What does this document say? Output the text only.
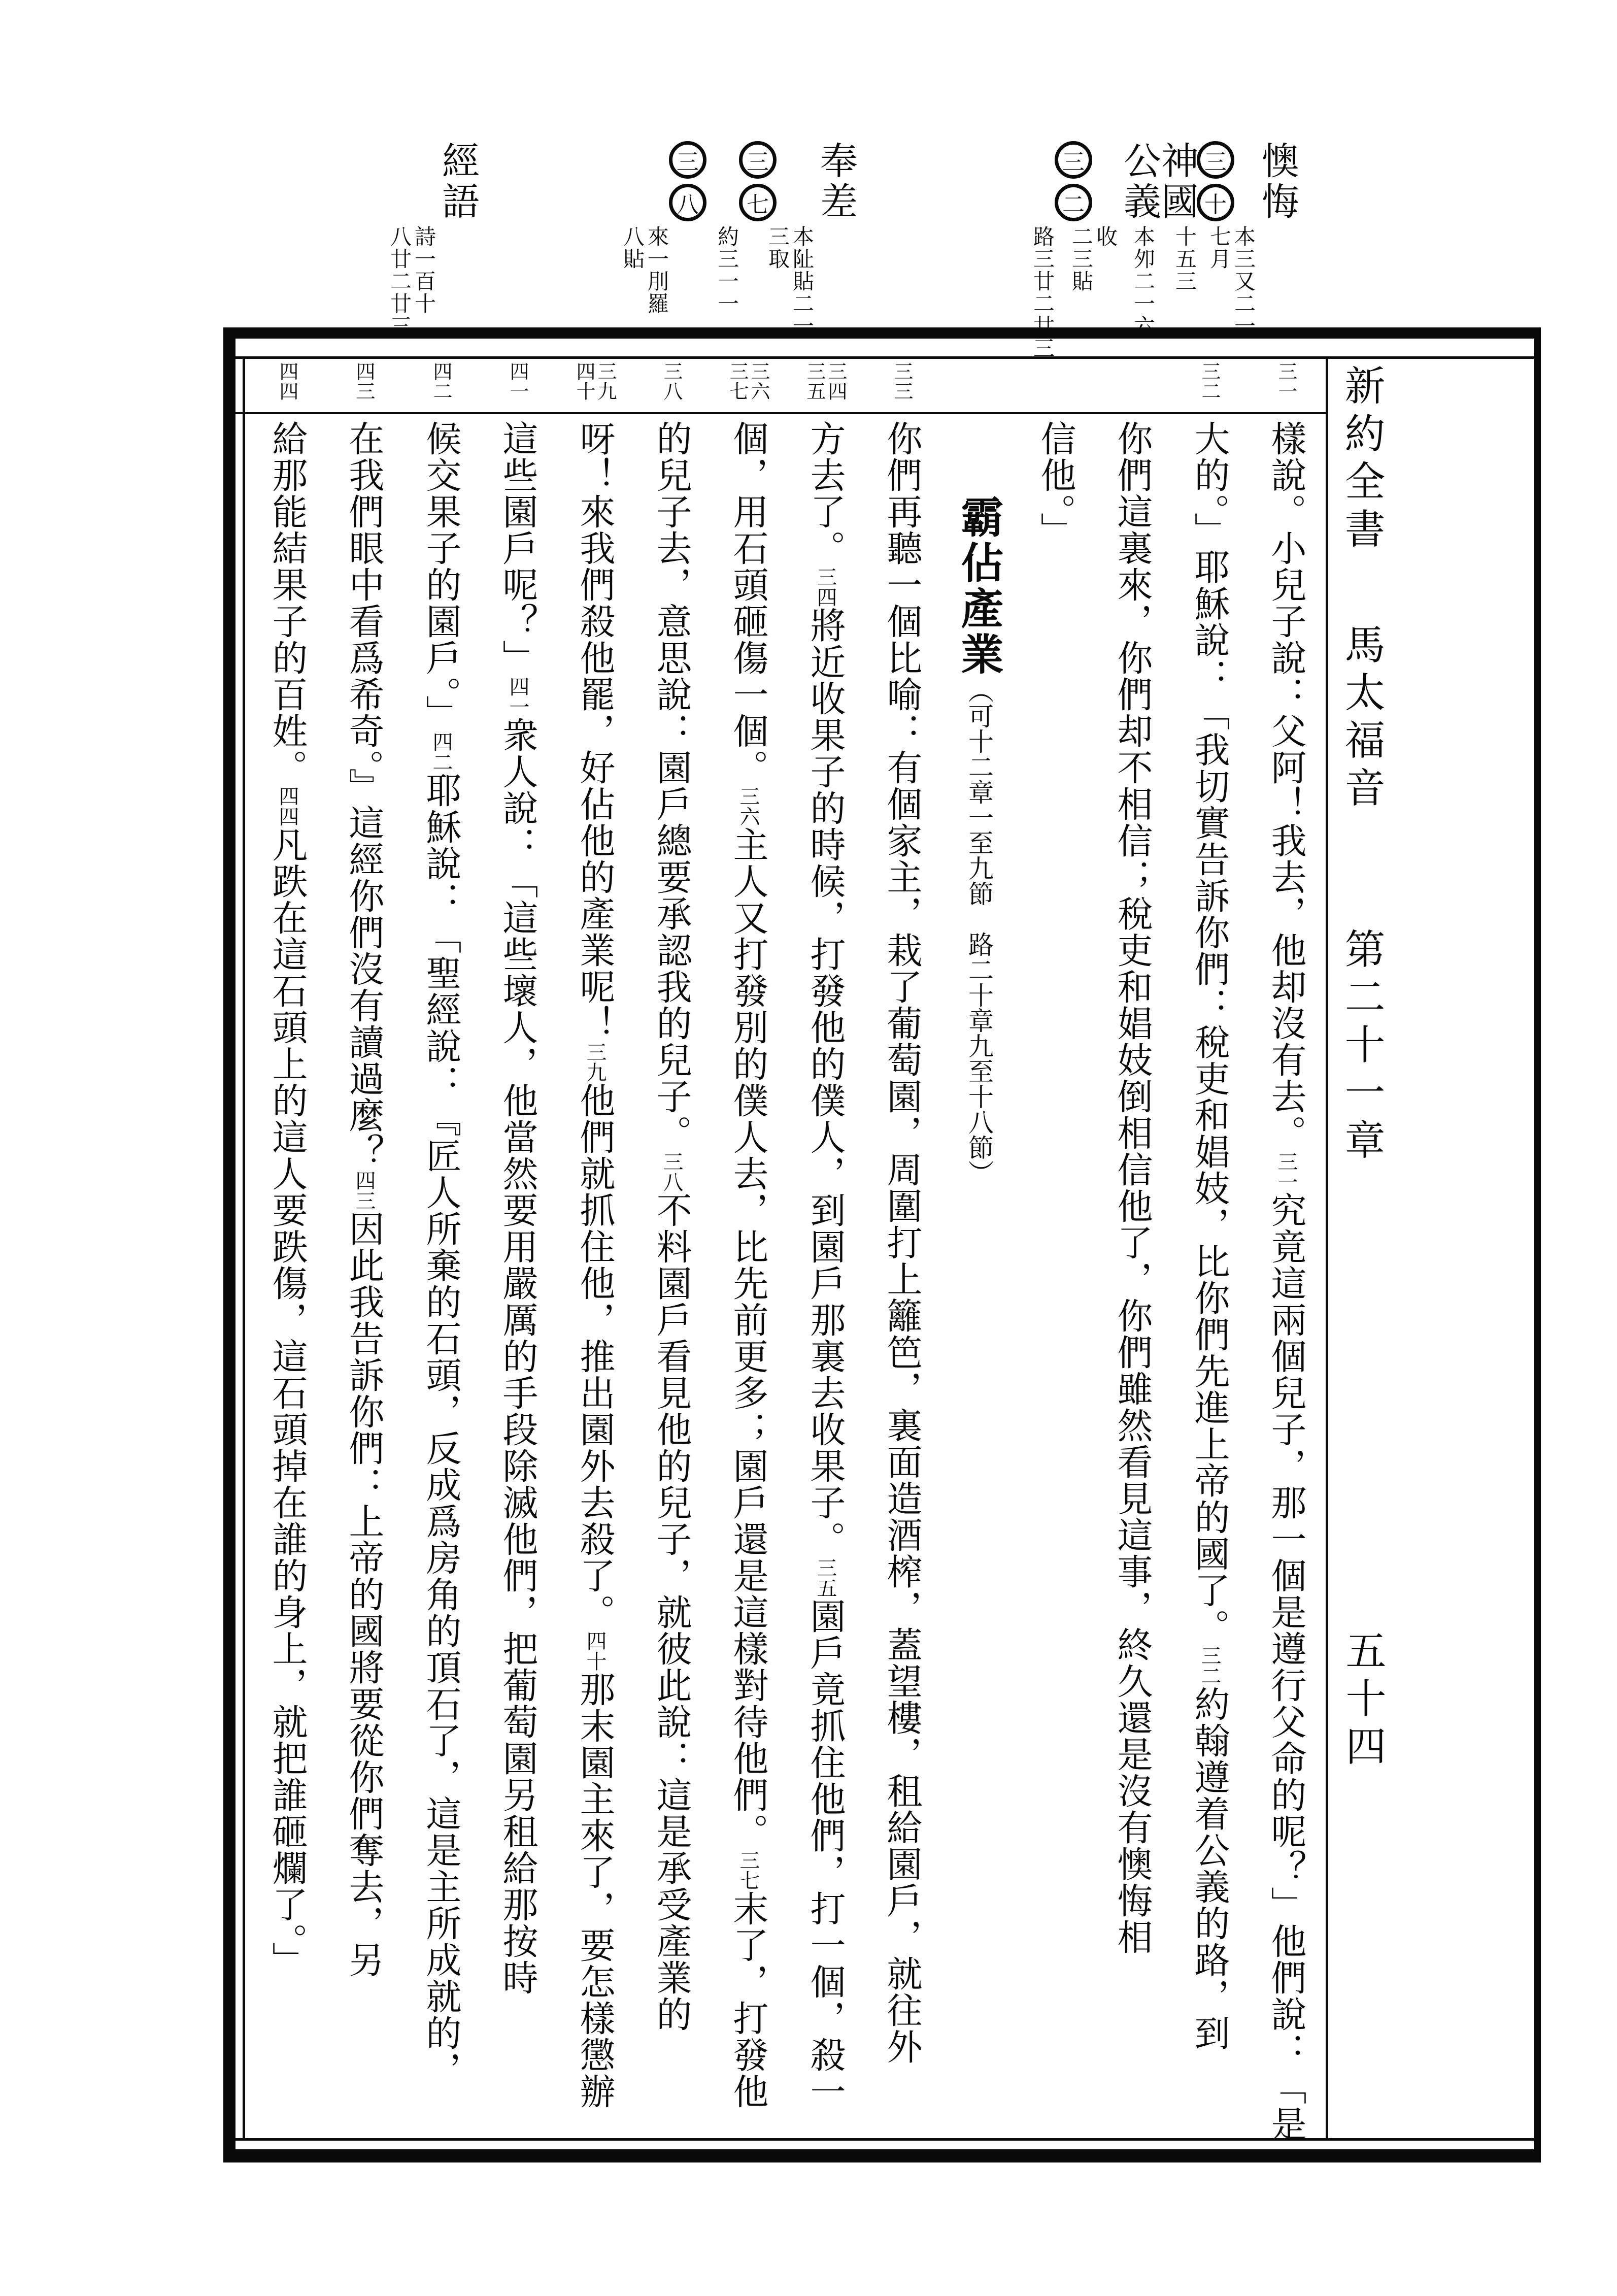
新約全書
馬太福音
第二十一章
五十四
懊悔
本三又二一
七月
三
十
十五三
神國
本夘二一六
公義
收
二三貼
三
二
路三廿二廿三
奉差
本阯貼二一
三取
三
七
約三一一
三
八
來一刖羅
八貼
經語
詩一百十
八廿二廿三
三一
三二
三三
三四
三五
三六
三七
三八
三九
四十
四一
四二
四三
四四
樣說。小兒子說：父阿！我去，他却沒有去。三一究竟這兩個兒子，那一個是遵行父命的呢？」他們說：「是
大的。」耶穌說：「我切實告訴你們：稅吏和娼妓，比你們先進上帝的國了。三二約翰遵着公義的路，到
你們這裏來，你們却不相信；稅吏和娼妓倒相信他了，你們雖然看見這事，終久還是沒有懊悔相
信他。」
霸佔產業（可十二章一至九節　路二十章九至十八節）
你們再聽一個比喻：有個家主，栽了葡萄園，周圍打上籬笆，裏面造酒榨，蓋望樓，租給園戶，就往外
方去了。三四將近收果子的時候，打發他的僕人，到園戶那裏去收果子。三五園戶竟抓住他們，打一個，殺一
個，用石頭砸傷一個。三六主人又打發別的僕人去，比先前更多；園戶還是這樣對待他們。三七末了，打發他
的兒子去，意思說：園戶總要承認我的兒子。三八不料園戶看見他的兒子，就彼此說：這是承受產業的
呀！來我們殺他罷，好佔他的產業呢！三九他們就抓住他，推出園外去殺了。四十那末園主來了，要怎樣懲辦
這些園戶呢？」四一衆人說：「這些壞人，他當然要用嚴厲的手段除滅他們，把葡萄園另租給那按時
候交果子的園戶。」四二耶穌說：「聖經說：『匠人所棄的石頭，反成爲房角的頂石了，這是主所成就的，
在我們眼中看爲希奇。』這經你們沒有讀過麼？四三因此我告訴你們：上帝的國將要從你們奪去，另
給那能結果子的百姓。四四凡跌在這石頭上的這人要跌傷，這石頭掉在誰的身上，就把誰砸爛了。」
